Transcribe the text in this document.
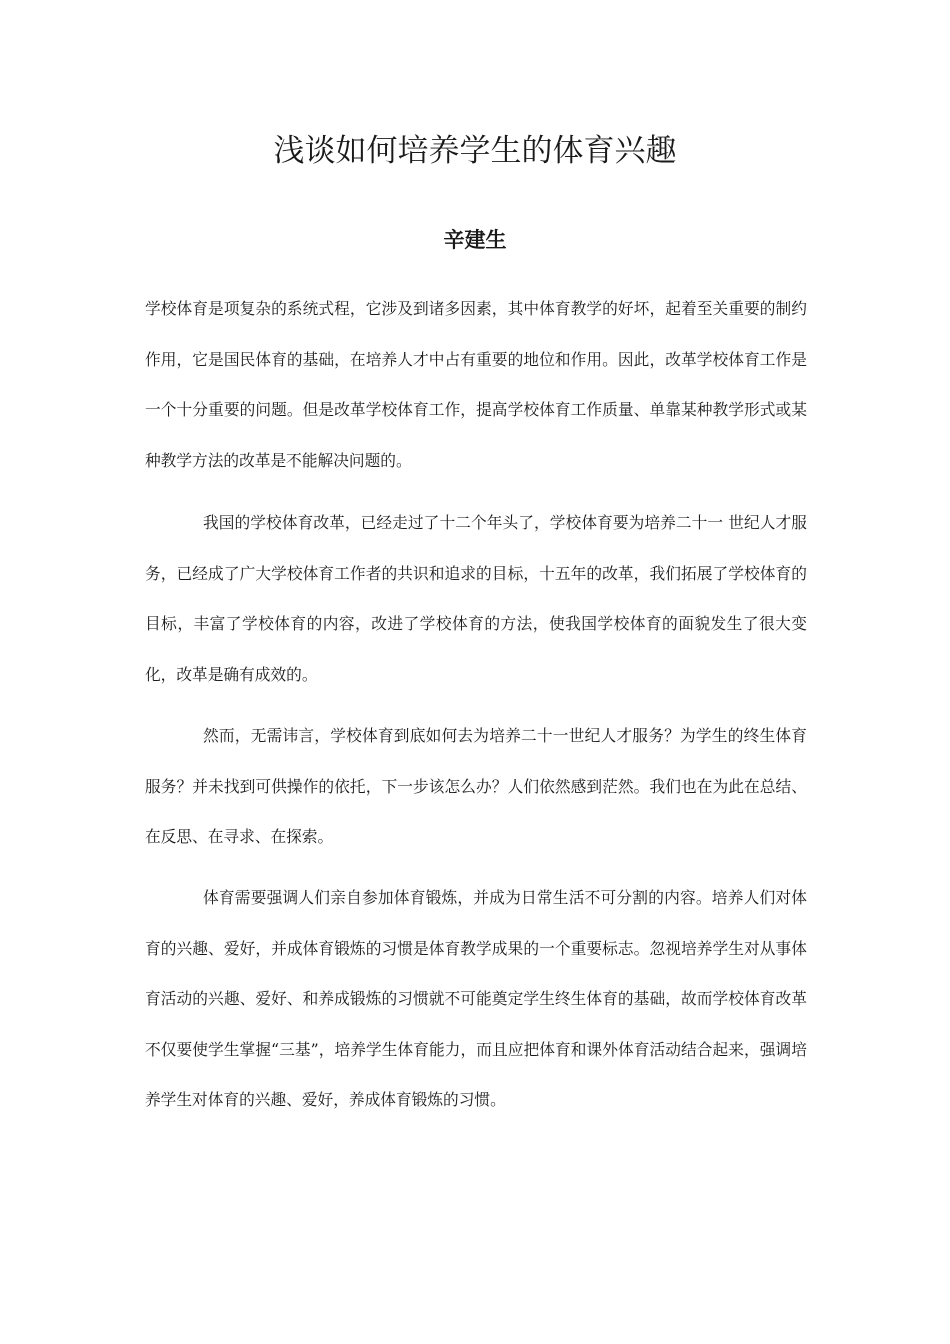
浅谈如何培养学生的体育兴趣
辛建生

学校体育是项复杂的系统式程，它涉及到诸多因素，其中体育教学的好坏，起着至关重要的制约作用，它是国民体育的基础，在培养人才中占有重要的地位和作用。因此，改革学校体育工作是一个十分重要的问题。但是改革学校体育工作，提高学校体育工作质量、单靠某种教学形式或某种教学方法的改革是不能解决问题的。

我国的学校体育改革，已经走过了十二个年头了，学校体育要为培养二十一 世纪人才服务，已经成了广大学校体育工作者的共识和追求的目标，十五年的改革，我们拓展了学校体育的目标，丰富了学校体育的内容，改进了学校体育的方法，使我国学校体育的面貌发生了很大变化，改革是确有成效的。

然而，无需讳言，学校体育到底如何去为培养二十一世纪人才服务？为学生的终生体育服务？并未找到可供操作的依托，下一步该怎么办？人们依然感到茫然。我们也在为此在总结、在反思、在寻求、在探索。

体育需要强调人们亲自参加体育锻炼，并成为日常生活不可分割的内容。培养人们对体育的兴趣、爱好，并成体育锻炼的习惯是体育教学成果的一个重要标志。忽视培养学生对从事体育活动的兴趣、爱好、和养成锻炼的习惯就不可能奠定学生终生体育的基础，故而学校体育改革不仅要使学生掌握“三基”，培养学生体育能力，而且应把体育和课外体育活动结合起来，强调培养学生对体育的兴趣、爱好，养成体育锻炼的习惯。
